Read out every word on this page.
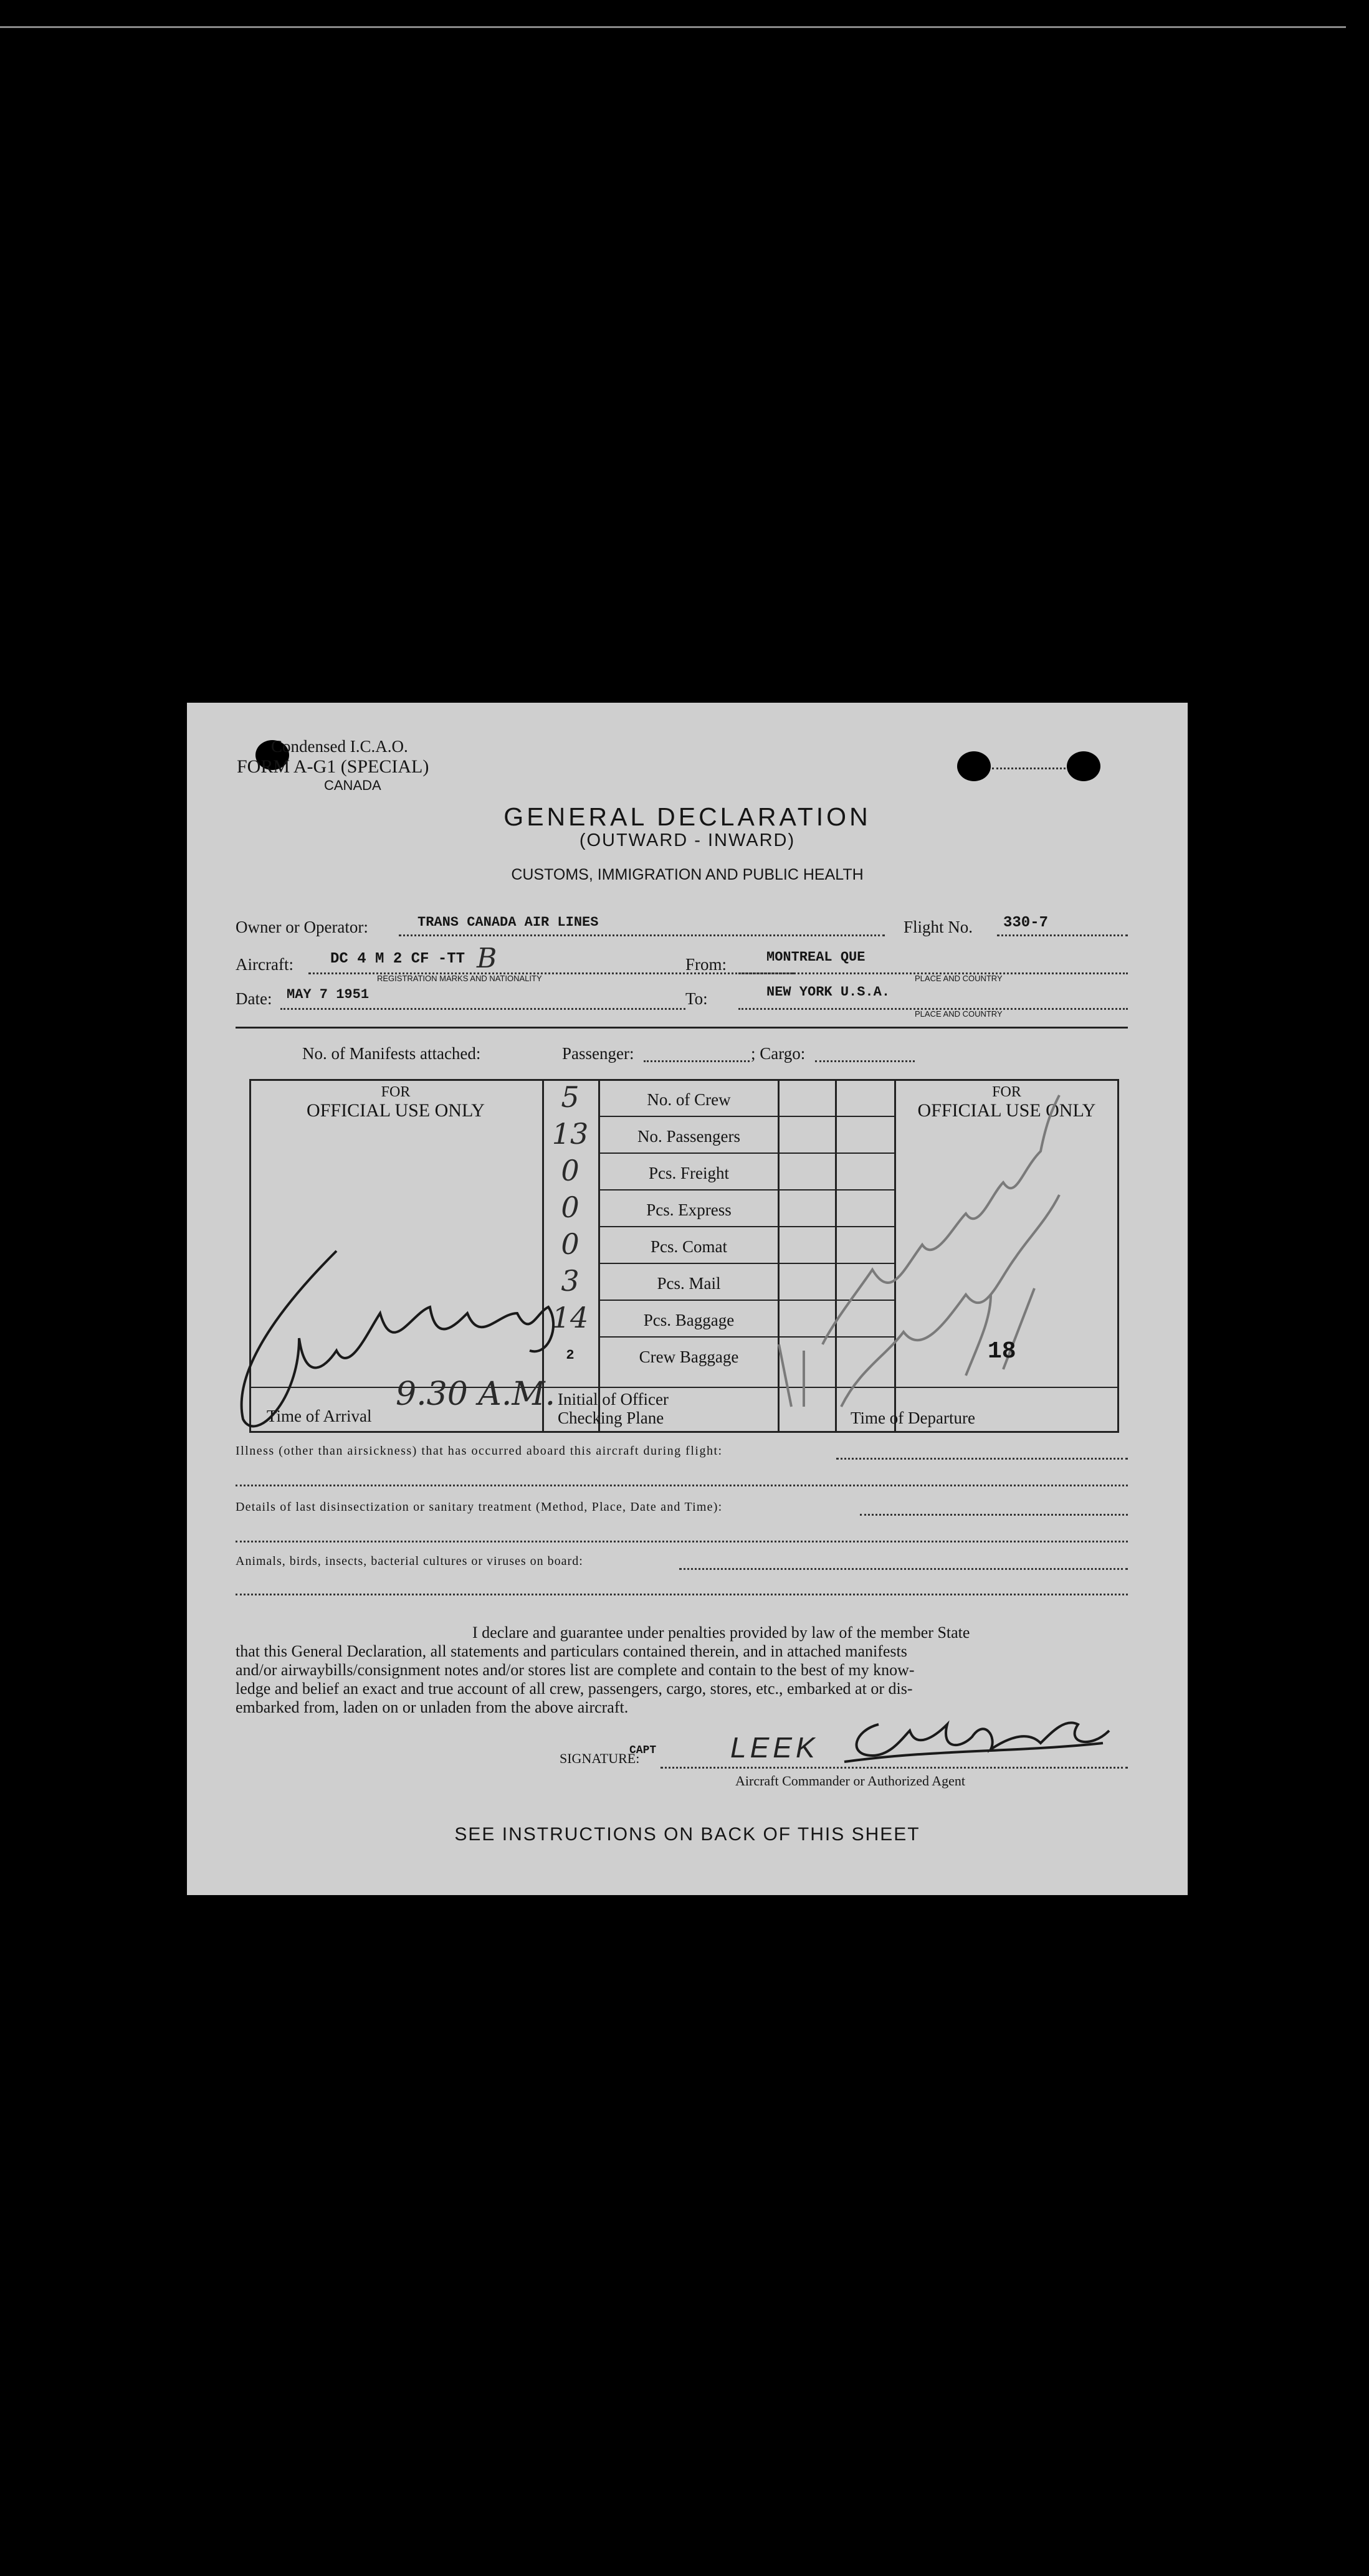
Condensed I.C.A.O.
FORM A-G1 (SPECIAL)
CANADA
GENERAL DECLARATION
(OUTWARD - INWARD)
CUSTOMS, IMMIGRATION AND PUBLIC HEALTH
Owner or Operator:	TRANS CANADA AIR LINES	Flight No. 330-7
Aircraft: DC 4 M 2 CF -TT B
REGISTRATION MARKS AND NATIONALITY
From:	MONTREAL QUE
PLACE AND COUNTRY
Date: MAY 7 1951	To:	NEW YORK U.S.A.
PLACE AND COUNTRY
No. of Manifests attached:	Passenger:	; Cargo:
FOR
OFFICIAL USE ONLY
FOR
OFFICIAL USE ONLY
5	No. of Crew
13	No. Passengers
0	Pcs. Freight
0	Pcs. Express
0	Pcs. Comat
3	Pcs. Mail
14	Pcs. Baggage
2	Crew Baggage
Time of Arrival
9.30 A.M. Initial of Officer
Checking Plane	Time of Departure
18
Illness (other than airsickness) that has occurred aboard this aircraft during flight:
Details of last disinsectization or sanitary treatment (Method, Place, Date and Time):
Animals, birds, insects, bacterial cultures or viruses on board:
I declare and guarantee under penalties provided by law of the member State
that this General Declaration, all statements and particulars contained therein, and in attached manifests
and/or airwaybills/consignment notes and/or stores list are complete and contain to the best of my know-
ledge and belief an exact and true account of all crew, passengers, cargo, stores, etc., embarked at or dis-
embarked from, laden on or unladen from the above aircraft.
SIGNATURE:
CAPT	LEEK
Aircraft Commander or Authorized Agent
SEE INSTRUCTIONS ON BACK OF THIS SHEET
